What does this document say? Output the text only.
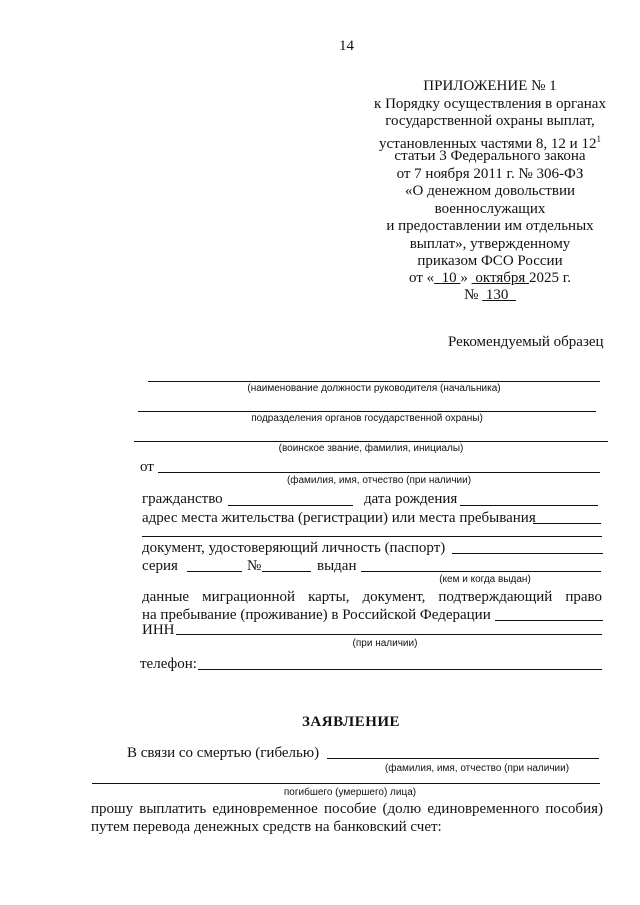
14
ПРИЛОЖЕНИЕ № 1
к Порядку осуществления в органах
государственной охраны выплат,
установленных частями 8, 12 и $12^1$
статьи 3 Федерального закона
от 7 ноября 2011 г. № 306-ФЗ
«О денежном довольствии
военнослужащих
и предоставлении им отдельных
выплат», утвержденному
приказом ФСО России
от « 10 » октября 2025 г.
№ 130
Рекомендуемый образец
(наименование должности руководителя (начальника)
подразделения органов государственной охраны)
(воинское звание, фамилия, инициалы)
от
(фамилия, имя, отчество (при наличии)
гражданство	дата рождения
адрес места жительства (регистрации) или места пребывания
документ, удостоверяющий личность (паспорт)
серия	№	выдан
(кем и когда выдан)
данные миграционной карты, документ, подтверждающий право
на пребывание (проживание) в Российской Федерации
ИНН
(при наличии)
телефон:
ЗАЯВЛЕНИЕ
В связи со смертью (гибелью)
(фамилия, имя, отчество (при наличии)
погибшего (умершего) лица)
прошу выплатить единовременное пособие (долю единовременного пособия)
путем перевода денежных средств на банковский счет:
